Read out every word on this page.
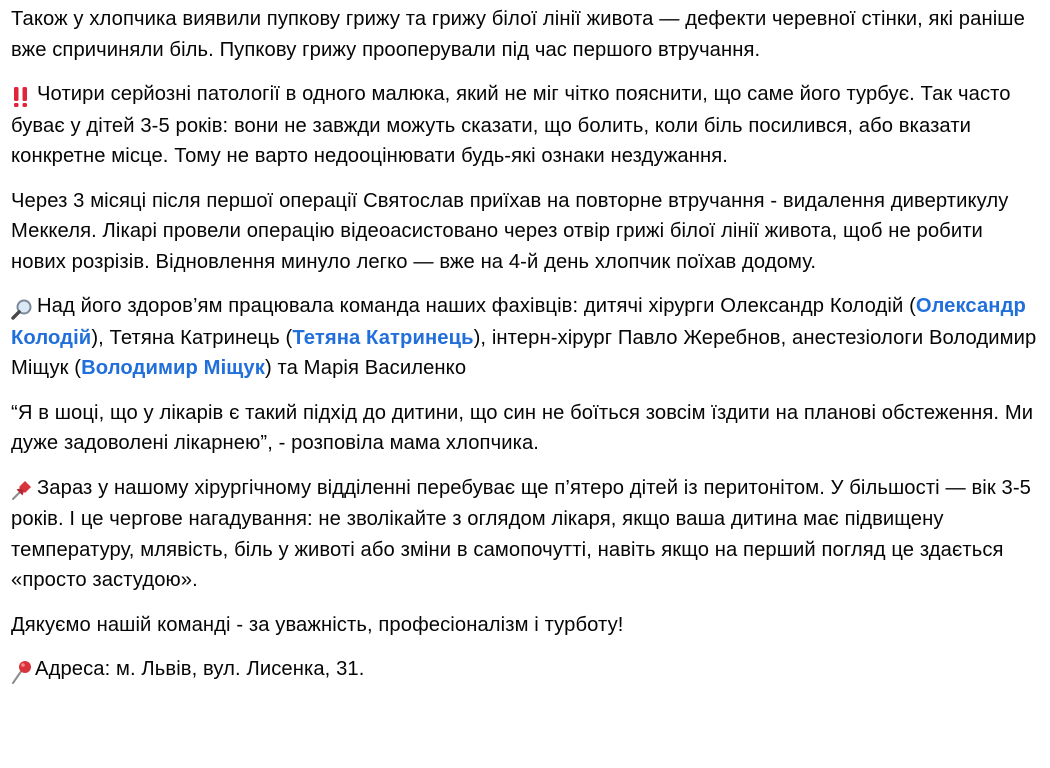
Також у хлопчика виявили пупкову грижу та грижу білої лінії живота — дефекти черевної стінки, які раніше вже спричиняли біль. Пупкову грижу прооперували під час першого втручання.

Чотири серйозні патології в одного малюка, який не міг чітко пояснити, що саме його турбує. Так часто буває у дітей 3-5 років: вони не завжди можуть сказати, що болить, коли біль посилився, або вказати конкретне місце. Тому не варто недооцінювати будь-які ознаки нездужання.

Через 3 місяці після першої операції Святослав приїхав на повторне втручання - видалення дивертикулу Меккеля. Лікарі провели операцію відеоасистовано через отвір грижі білої лінії живота, щоб не робити нових розрізів. Відновлення минуло легко — вже на 4-й день хлопчик поїхав додому.

Над його здоров’ям працювала команда наших фахівців: дитячі хірурги Олександр Колодій (Олександр Колодій), Тетяна Катринець (Тетяна Катринець), інтерн-хірург Павло Жеребнов, анестезіологи Володимир Міщук (Володимир Міщук) та Марія Василенко

“Я в шоці, що у лікарів є такий підхід до дитини, що син не боїться зовсім їздити на планові обстеження. Ми дуже задоволені лікарнею”, - розповіла мама хлопчика.

Зараз у нашому хірургічному відділенні перебуває ще п’ятеро дітей із перитонітом. У більшості — вік 3-5 років. І це чергове нагадування: не зволікайте з оглядом лікаря, якщо ваша дитина має підвищену температуру, млявість, біль у животі або зміни в самопочутті, навіть якщо на перший погляд це здається «просто застудою».

Дякуємо нашій команді - за уважність, професіоналізм і турботу!

Адреса: м. Львів, вул. Лисенка, 31.
